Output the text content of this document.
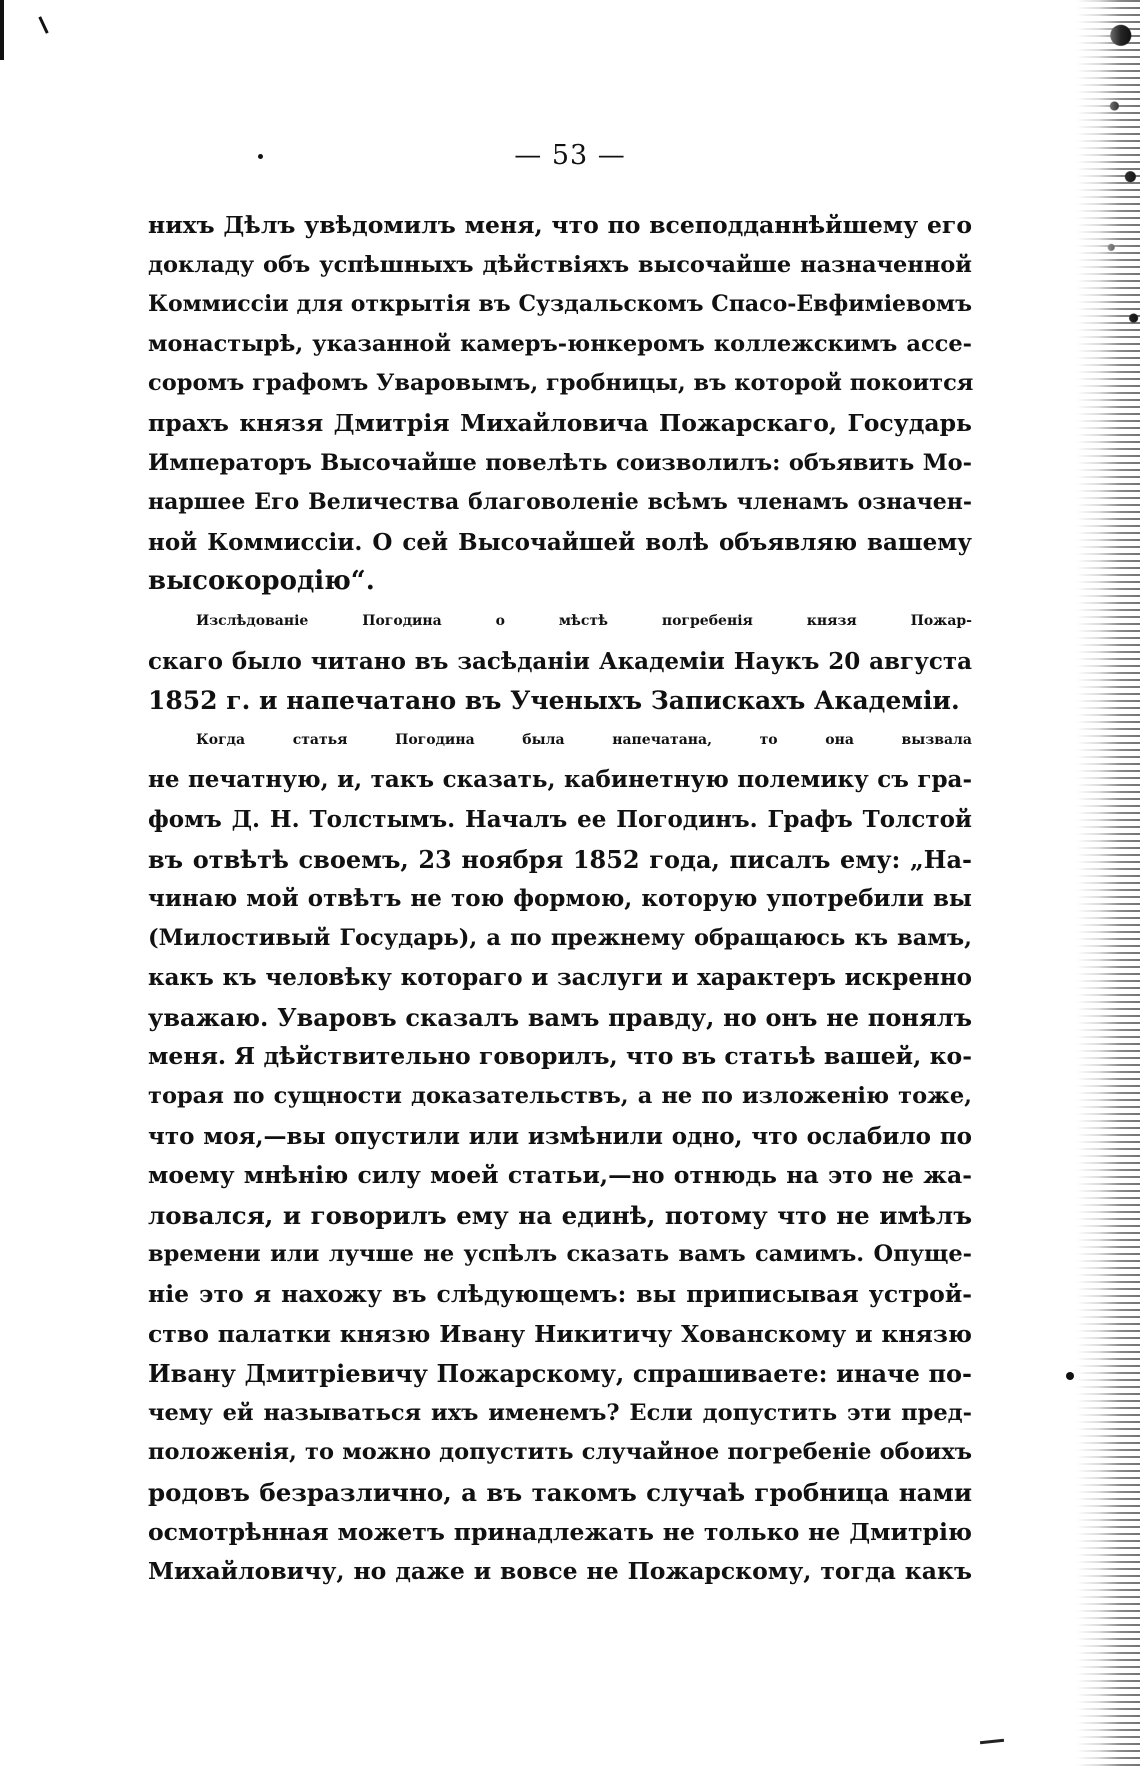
— 53 —
нихъ Дѣлъ увѣдомилъ меня, что по всеподданнѣйшему его
докладу объ успѣшныхъ дѣйствіяхъ высочайше назначенной
Коммиссіи для открытія въ Суздальскомъ Спасо-Евфиміевомъ
монастырѣ, указанной камеръ-юнкеромъ коллежскимъ ассе-
соромъ графомъ Уваровымъ, гробницы, въ которой покоится
прахъ князя Дмитрія Михайловича Пожарскаго, Государь
Императоръ Высочайше повелѣть соизволилъ: объявить Мо-
наршее Его Величества благоволеніе всѣмъ членамъ означен-
ной Коммиссіи. О сей Высочайшей волѣ объявляю вашему
высокородію“.
Изслѣдованіе Погодина о мѣстѣ погребенія князя Пожар-
скаго было читано въ засѣданіи Академіи Наукъ 20 августа
1852 г. и напечатано въ Ученыхъ Запискахъ Академіи.
Когда статья Погодина была напечатана, то она вызвала
не печатную, и, такъ сказать, кабинетную полемику съ гра-
фомъ Д. Н. Толстымъ. Началъ ее Погодинъ. Графъ Толстой
въ отвѣтѣ своемъ, 23 ноября 1852 года, писалъ ему: „На-
чинаю мой отвѣтъ не тою формою, которую употребили вы
(Милостивый Государь), а по прежнему обращаюсь къ вамъ,
какъ къ человѣку котораго и заслуги и характеръ искренно
уважаю. Уваровъ сказалъ вамъ правду, но онъ не понялъ
меня. Я дѣйствительно говорилъ, что въ статьѣ вашей, ко-
торая по сущности доказательствъ, а не по изложенію тоже,
что моя,—вы опустили или измѣнили одно, что ослабило по
моему мнѣнію силу моей статьи,—но отнюдь на это не жа-
ловался, и говорилъ ему на единѣ, потому что не имѣлъ
времени или лучше не успѣлъ сказать вамъ самимъ. Опуще-
ніе это я нахожу въ слѣдующемъ: вы приписывая устрой-
ство палатки князю Ивану Никитичу Хованскому и князю
Ивану Дмитріевичу Пожарскому, спрашиваете: иначе по-
чему ей называться ихъ именемъ? Если допустить эти пред-
положенія, то можно допустить случайное погребеніе обоихъ
родовъ безразлично, а въ такомъ случаѣ гробница нами
осмотрѣнная можетъ принадлежать не только не Дмитрію
Михайловичу, но даже и вовсе не Пожарскому, тогда какъ
